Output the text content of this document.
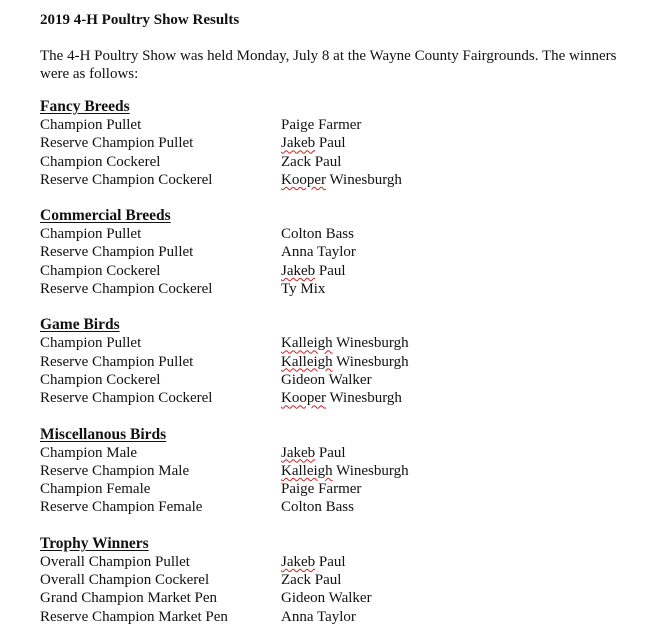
2019 4-H Poultry Show Results
The 4-H Poultry Show was held Monday, July 8 at the Wayne County Fairgrounds. The winners were as follows:
Fancy Breeds
Champion Pullet	Paige Farmer
Reserve Champion Pullet	Jakeb Paul
Champion Cockerel	Zack Paul
Reserve Champion Cockerel	Kooper Winesburgh
Commercial Breeds
Champion Pullet	Colton Bass
Reserve Champion Pullet	Anna Taylor
Champion Cockerel	Jakeb Paul
Reserve Champion Cockerel	Ty Mix
Game Birds
Champion Pullet	Kalleigh Winesburgh
Reserve Champion Pullet	Kalleigh Winesburgh
Champion Cockerel	Gideon Walker
Reserve Champion Cockerel	Kooper Winesburgh
Miscellanous Birds
Champion Male	Jakeb Paul
Reserve Champion Male	Kalleigh Winesburgh
Champion Female	Paige Farmer
Reserve Champion Female	Colton Bass
Trophy Winners
Overall Champion Pullet	Jakeb Paul
Overall Champion Cockerel	Zack Paul
Grand Champion Market Pen	Gideon Walker
Reserve Champion Market Pen	Anna Taylor
